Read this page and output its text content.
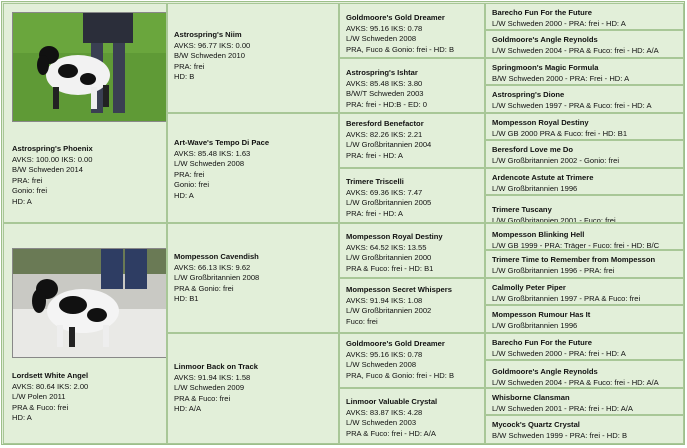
Astrospring's Phoenix
AVKS: 100.00 IKS: 0.00
B/W Schweden 2014
PRA: frei
Gonio: frei
HD: A
Lordsett White Angel
AVKS: 80.64 IKS: 2.00
L/W Polen 2011
PRA & Fuco: frei
HD: A
Astrospring's Niim
AVKS: 96.77 IKS: 0.00
B/W Schweden 2010
PRA: frei
HD: B
Art-Wave's Tempo Di Pace
AVKS: 85.48 IKS: 1.63
L/W Schweden 2008
PRA: frei
Gonio: frei
HD: A
Mompesson Cavendish
AVKS: 66.13 IKS: 9.62
L/W Großbritannien 2008
PRA & Gonio: frei
HD: B1
Linmoor Back on Track
AVKS: 91.94 IKS: 1.58
L/W Schweden 2009
PRA & Fuco: frei
HD: A/A
Goldmoore's Gold Dreamer
AVKS: 95.16 IKS: 0.78
L/W Schweden 2008
PRA, Fuco & Gonio: frei - HD: B
Astrospring's Ishtar
AVKS: 85.48 IKS: 3.80
B/W/T Schweden 2003
PRA: frei - HD:B - ED: 0
Beresford Benefactor
AVKS: 82.26 IKS: 2.21
L/W Großbritannien 2004
PRA: frei - HD: A
Trimere Triscelli
AVKS: 69.36 IKS: 7.47
L/W Großbritannien 2005
PRA: frei - HD: A
Mompesson Royal Destiny
AVKS: 64.52 IKS: 13.55
L/W Großbritannien 2000
PRA & Fuco: frei - HD: B1
Mompesson Secret Whispers
AVKS: 91.94 IKS: 1.08
L/W Großbritannien 2002
Fuco: frei
Goldmoore's Gold Dreamer
AVKS: 95.16 IKS: 0.78
L/W Schweden 2008
PRA, Fuco & Gonio: frei - HD: B
Linmoor Valuable Crystal
AVKS: 83.87 IKS: 4.28
L/W Schweden 2003
PRA & Fuco: frei - HD: A/A
Barecho Fun For the Future
L/W Schweden 2000 - PRA: frei - HD: A
Goldmoore's Angle Reynolds
L/W Schweden 2004 - PRA & Fuco: frei - HD: A/A
Springmoon's Magic Formula
B/W Schweden 2000 - PRA: Frei - HD: A
Astrospring's Dione
L/W Schweden 1997 - PRA & Fuco: frei - HD: A
Mompesson Royal Destiny
L/W GB 2000 PRA & Fuco: frei - HD: B1
Beresford Love me Do
L/W Großbritannien 2002 - Gonio: frei
Ardencote Astute at Trimere
L/W Großbritannien 1996
Trimere Tuscany
L/W Großbritannien 2001 - Fuco: frei
Mompesson Blinking Hell
L/W GB 1999 - PRA: Träger - Fuco: frei - HD: B/C
Trimere Time to Remember from Mompesson
L/W Großbritannien 1996 - PRA: frei
Calmolly Peter Piper
L/W Großbritannien 1997 - PRA & Fuco: frei
Mompesson Rumour Has It
L/W Großbritannien 1996
Barecho Fun For the Future
L/W Schweden 2000 - PRA: frei - HD: A
Goldmoore's Angle Reynolds
L/W Schweden 2004 - PRA & Fuco: frei - HD: A/A
Whisborne Clansman
L/W Schweden 2001 - PRA: frei - HD: A/A
Mycock's Quartz Crystal
B/W Schweden 1999 - PRA: frei - HD: B
